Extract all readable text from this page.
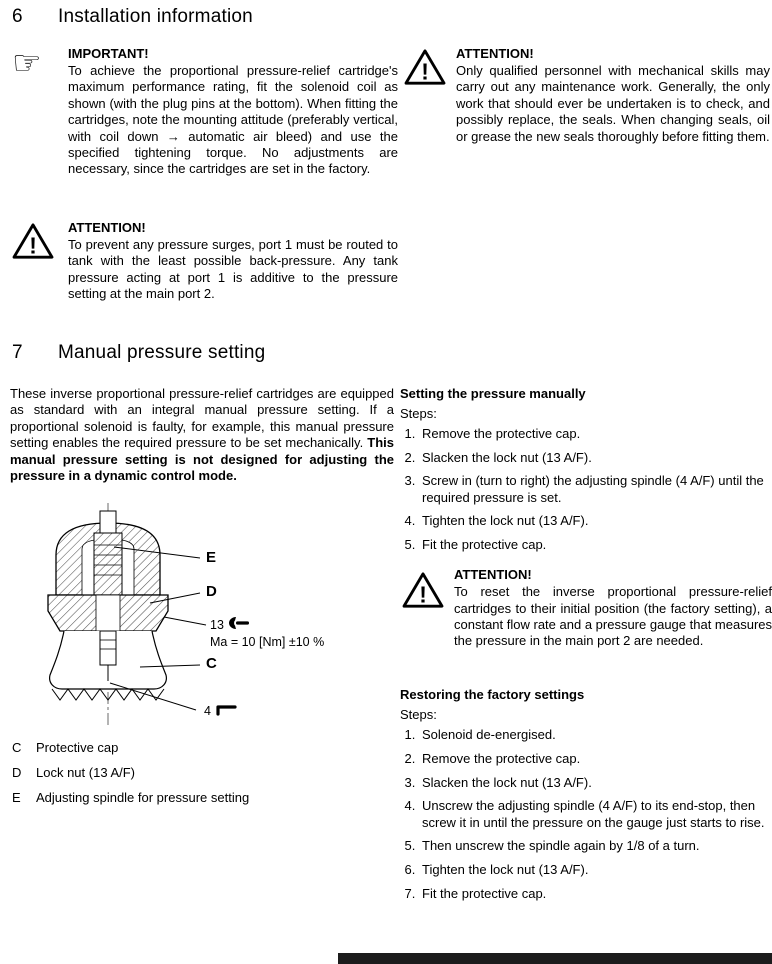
6 Installation information
☞ IMPORTANT!

To achieve the proportional pressure-relief cartridge's maximum performance rating, fit the solenoid coil as shown (with the plug pins at the bottom). When fitting the cartridges, note the mounting attitude (preferably vertical, with coil down → automatic air bleed) and use the specified tightening torque. No adjustments are necessary, since the cartridges are set in the factory.

!
ATTENTION!

To prevent any pressure surges, port 1 must be routed to tank with the least possible back-pressure. Any tank pressure acting at port 1 is additive to the pressure setting at the main port 2.

!
ATTENTION!

Only qualified personnel with mechanical skills may carry out any maintenance work. Generally, the only work that should ever be undertaken is to check, and possibly replace, the seals. When changing seals, oil or grease the new seals thoroughly before fitting them.

7 Manual pressure setting

These inverse proportional pressure-relief cartridges are equipped as standard with an integral manual pressure setting. If a proportional solenoid is faulty, for example, this manual pressure setting enables the required pressure to be set mechanically. This manual pressure setting is not designed for adjusting the pressure in a dynamic control mode.

E
D
13
Ma = 10 [Nm] ±10 %
C
4
C Protective cap
D Lock nut (13 A/F)
E Adjusting spindle for pressure setting
Setting the pressure manually
Steps:
1. Remove the protective cap.
2. Slacken the lock nut (13 A/F).
3. Screw in (turn to right) the adjusting spindle (4 A/F) until the required pressure is set.
4. Tighten the lock nut (13 A/F).
5. Fit the protective cap.
!
ATTENTION!

To reset the inverse proportional pressure-relief cartridges to their initial position (the factory setting), a constant flow rate and a pressure gauge that measures the pressure in the main port 2 are needed.

Restoring the factory settings
Steps:
1. Solenoid de-energised.
2. Remove the protective cap.
3. Slacken the lock nut (13 A/F).
4. Unscrew the adjusting spindle (4 A/F) to its end-stop, then screw it in until the pressure on the gauge just starts to rise.
5. Then unscrew the spindle again by 1/8 of a turn.
6. Tighten the lock nut (13 A/F).
7. Fit the protective cap.
